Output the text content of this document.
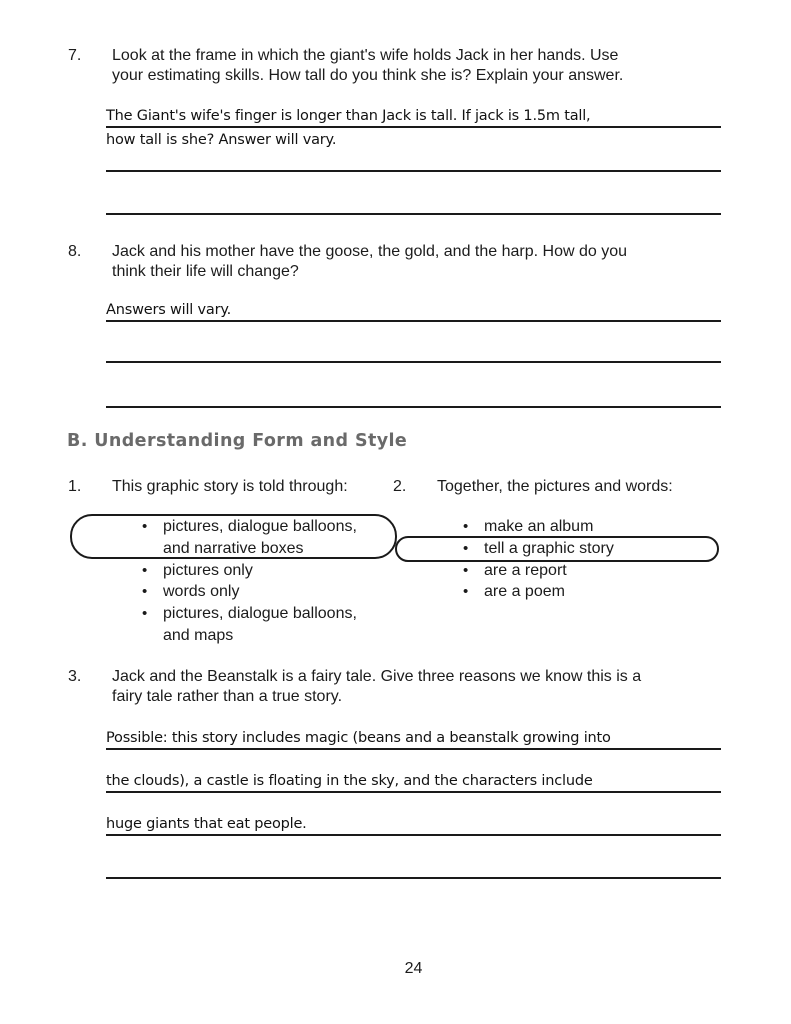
7. Look at the frame in which the giant's wife holds Jack in her hands. Use
your estimating skills. How tall do you think she is? Explain your answer.
The Giant's wife's finger is longer than Jack is tall. If jack is 1.5m tall,
how tall is she? Answer will vary.
8. Jack and his mother have the goose, the gold, and the harp. How do you
think their life will change?
Answers will vary.
B. Understanding Form and Style
1. This graphic story is told through:	2. Together, the pictures and words:
• pictures, dialogue balloons, and narrative boxes
• pictures only
• words only
• pictures, dialogue balloons, and maps
• make an album
• tell a graphic story
• are a report
• are a poem
3. Jack and the Beanstalk is a fairy tale. Give three reasons we know this is a
fairy tale rather than a true story.
Possible: this story includes magic (beans and a beanstalk growing into
the clouds), a castle is floating in the sky, and the characters include
huge giants that eat people.
24
